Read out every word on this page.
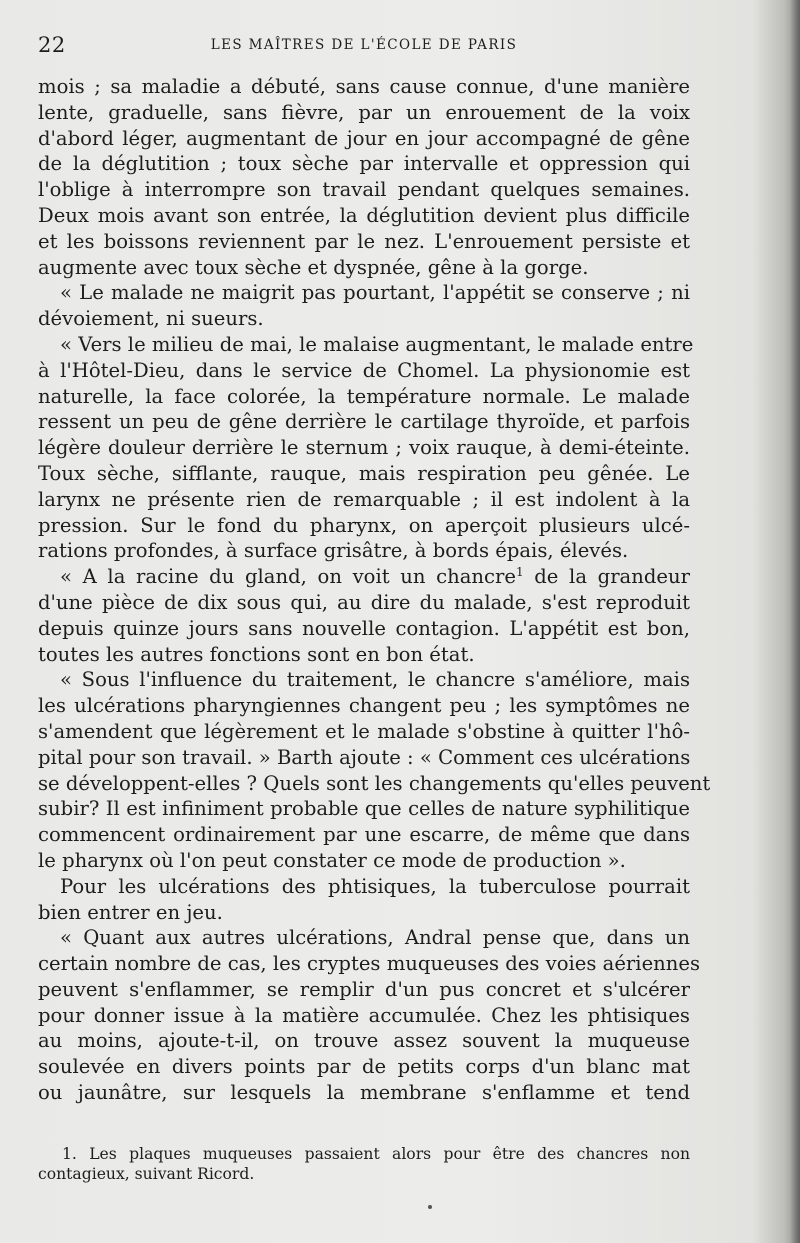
22	LES MAÎTRES DE L'ÉCOLE DE PARIS
mois ; sa maladie a débuté, sans cause connue, d'une manière
lente, graduelle, sans fièvre, par un enrouement de la voix
d'abord léger, augmentant de jour en jour accompagné de gêne
de la déglutition ; toux sèche par intervalle et oppression qui
l'oblige à interrompre son travail pendant quelques semaines.
Deux mois avant son entrée, la déglutition devient plus difficile
et les boissons reviennent par le nez. L'enrouement persiste et
augmente avec toux sèche et dyspnée, gêne à la gorge.
« Le malade ne maigrit pas pourtant, l'appétit se conserve ; ni
dévoiement, ni sueurs.
« Vers le milieu de mai, le malaise augmentant, le malade entre
à l'Hôtel-Dieu, dans le service de Chomel. La physionomie est
naturelle, la face colorée, la température normale. Le malade
ressent un peu de gêne derrière le cartilage thyroïde, et parfois
légère douleur derrière le sternum ; voix rauque, à demi-éteinte.
Toux sèche, sifflante, rauque, mais respiration peu gênée. Le
larynx ne présente rien de remarquable ; il est indolent à la
pression. Sur le fond du pharynx, on aperçoit plusieurs ulcé-
rations profondes, à surface grisâtre, à bords épais, élevés.
« A la racine du gland, on voit un chancre$^1$ de la grandeur
d'une pièce de dix sous qui, au dire du malade, s'est reproduit
depuis quinze jours sans nouvelle contagion. L'appétit est bon,
toutes les autres fonctions sont en bon état.
« Sous l'influence du traitement, le chancre s'améliore, mais
les ulcérations pharyngiennes changent peu ; les symptômes ne
s'amendent que légèrement et le malade s'obstine à quitter l'hô-
pital pour son travail. » Barth ajoute : « Comment ces ulcérations
se développent-elles ? Quels sont les changements qu'elles peuvent
subir? Il est infiniment probable que celles de nature syphilitique
commencent ordinairement par une escarre, de même que dans
le pharynx où l'on peut constater ce mode de production ».
Pour les ulcérations des phtisiques, la tuberculose pourrait
bien entrer en jeu.
« Quant aux autres ulcérations, Andral pense que, dans un
certain nombre de cas, les cryptes muqueuses des voies aériennes
peuvent s'enflammer, se remplir d'un pus concret et s'ulcérer
pour donner issue à la matière accumulée. Chez les phtisiques
au moins, ajoute-t-il, on trouve assez souvent la muqueuse
soulevée en divers points par de petits corps d'un blanc mat
ou jaunâtre, sur lesquels la membrane s'enflamme et tend
1. Les plaques muqueuses passaient alors pour être des chancres non
contagieux, suivant Ricord.
